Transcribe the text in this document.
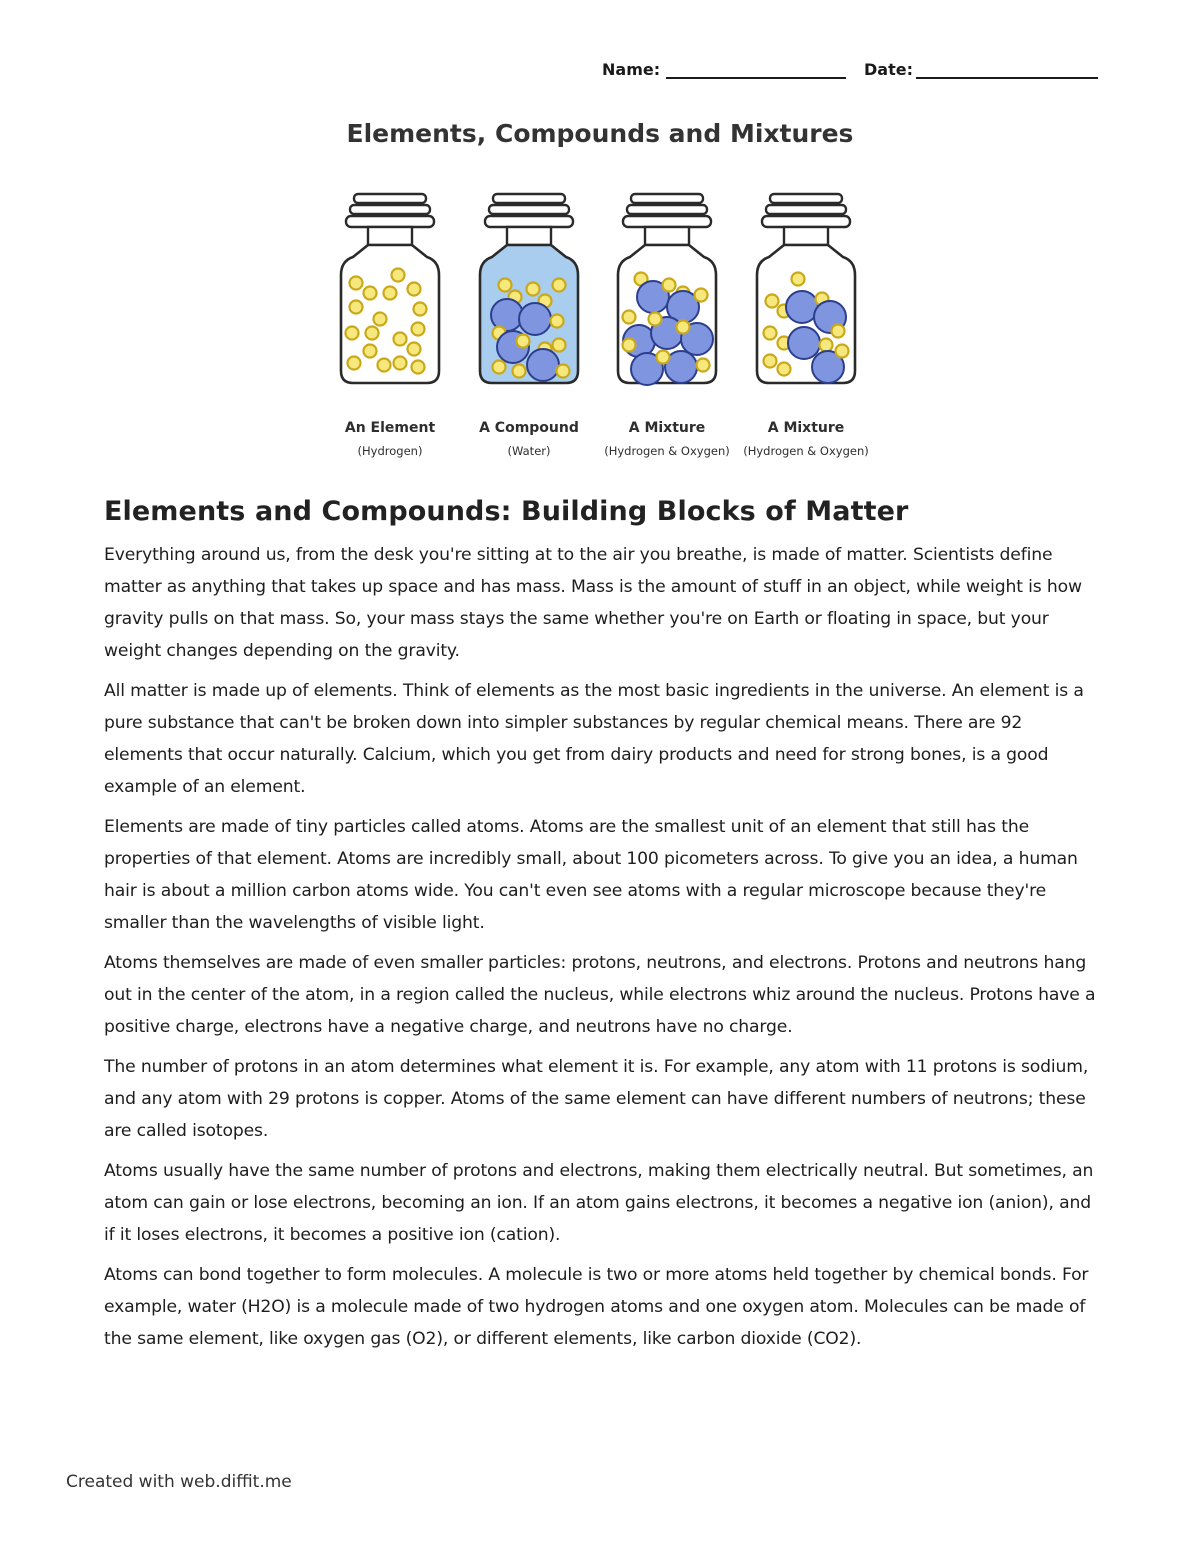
Name:	Date:
Elements, Compounds and Mixtures
An Element
(Hydrogen)
A Compound
(Water)
A Mixture
(Hydrogen & Oxygen)
A Mixture
(Hydrogen & Oxygen)
Elements and Compounds: Building Blocks of Matter

Everything around us, from the desk you're sitting at to the air you breathe, is made of matter. Scientists define matter as anything that takes up space and has mass. Mass is the amount of stuff in an object, while weight is how gravity pulls on that mass. So, your mass stays the same whether you're on Earth or floating in space, but your weight changes depending on the gravity.

All matter is made up of elements. Think of elements as the most basic ingredients in the universe. An element is a pure substance that can't be broken down into simpler substances by regular chemical means. There are 92 elements that occur naturally. Calcium, which you get from dairy products and need for strong bones, is a good example of an element.

Elements are made of tiny particles called atoms. Atoms are the smallest unit of an element that still has the properties of that element. Atoms are incredibly small, about 100 picometers across. To give you an idea, a human hair is about a million carbon atoms wide. You can't even see atoms with a regular microscope because they're smaller than the wavelengths of visible light.

Atoms themselves are made of even smaller particles: protons, neutrons, and electrons. Protons and neutrons hang out in the center of the atom, in a region called the nucleus, while electrons whiz around the nucleus. Protons have a positive charge, electrons have a negative charge, and neutrons have no charge.

The number of protons in an atom determines what element it is. For example, any atom with 11 protons is sodium, and any atom with 29 protons is copper. Atoms of the same element can have different numbers of neutrons; these are called isotopes.

Atoms usually have the same number of protons and electrons, making them electrically neutral. But sometimes, an atom can gain or lose electrons, becoming an ion. If an atom gains electrons, it becomes a negative ion (anion), and if it loses electrons, it becomes a positive ion (cation).

Atoms can bond together to form molecules. A molecule is two or more atoms held together by chemical bonds. For example, water (H2O) is a molecule made of two hydrogen atoms and one oxygen atom. Molecules can be made of the same element, like oxygen gas (O2), or different elements, like carbon dioxide (CO2).

Created with web.diffit.me
